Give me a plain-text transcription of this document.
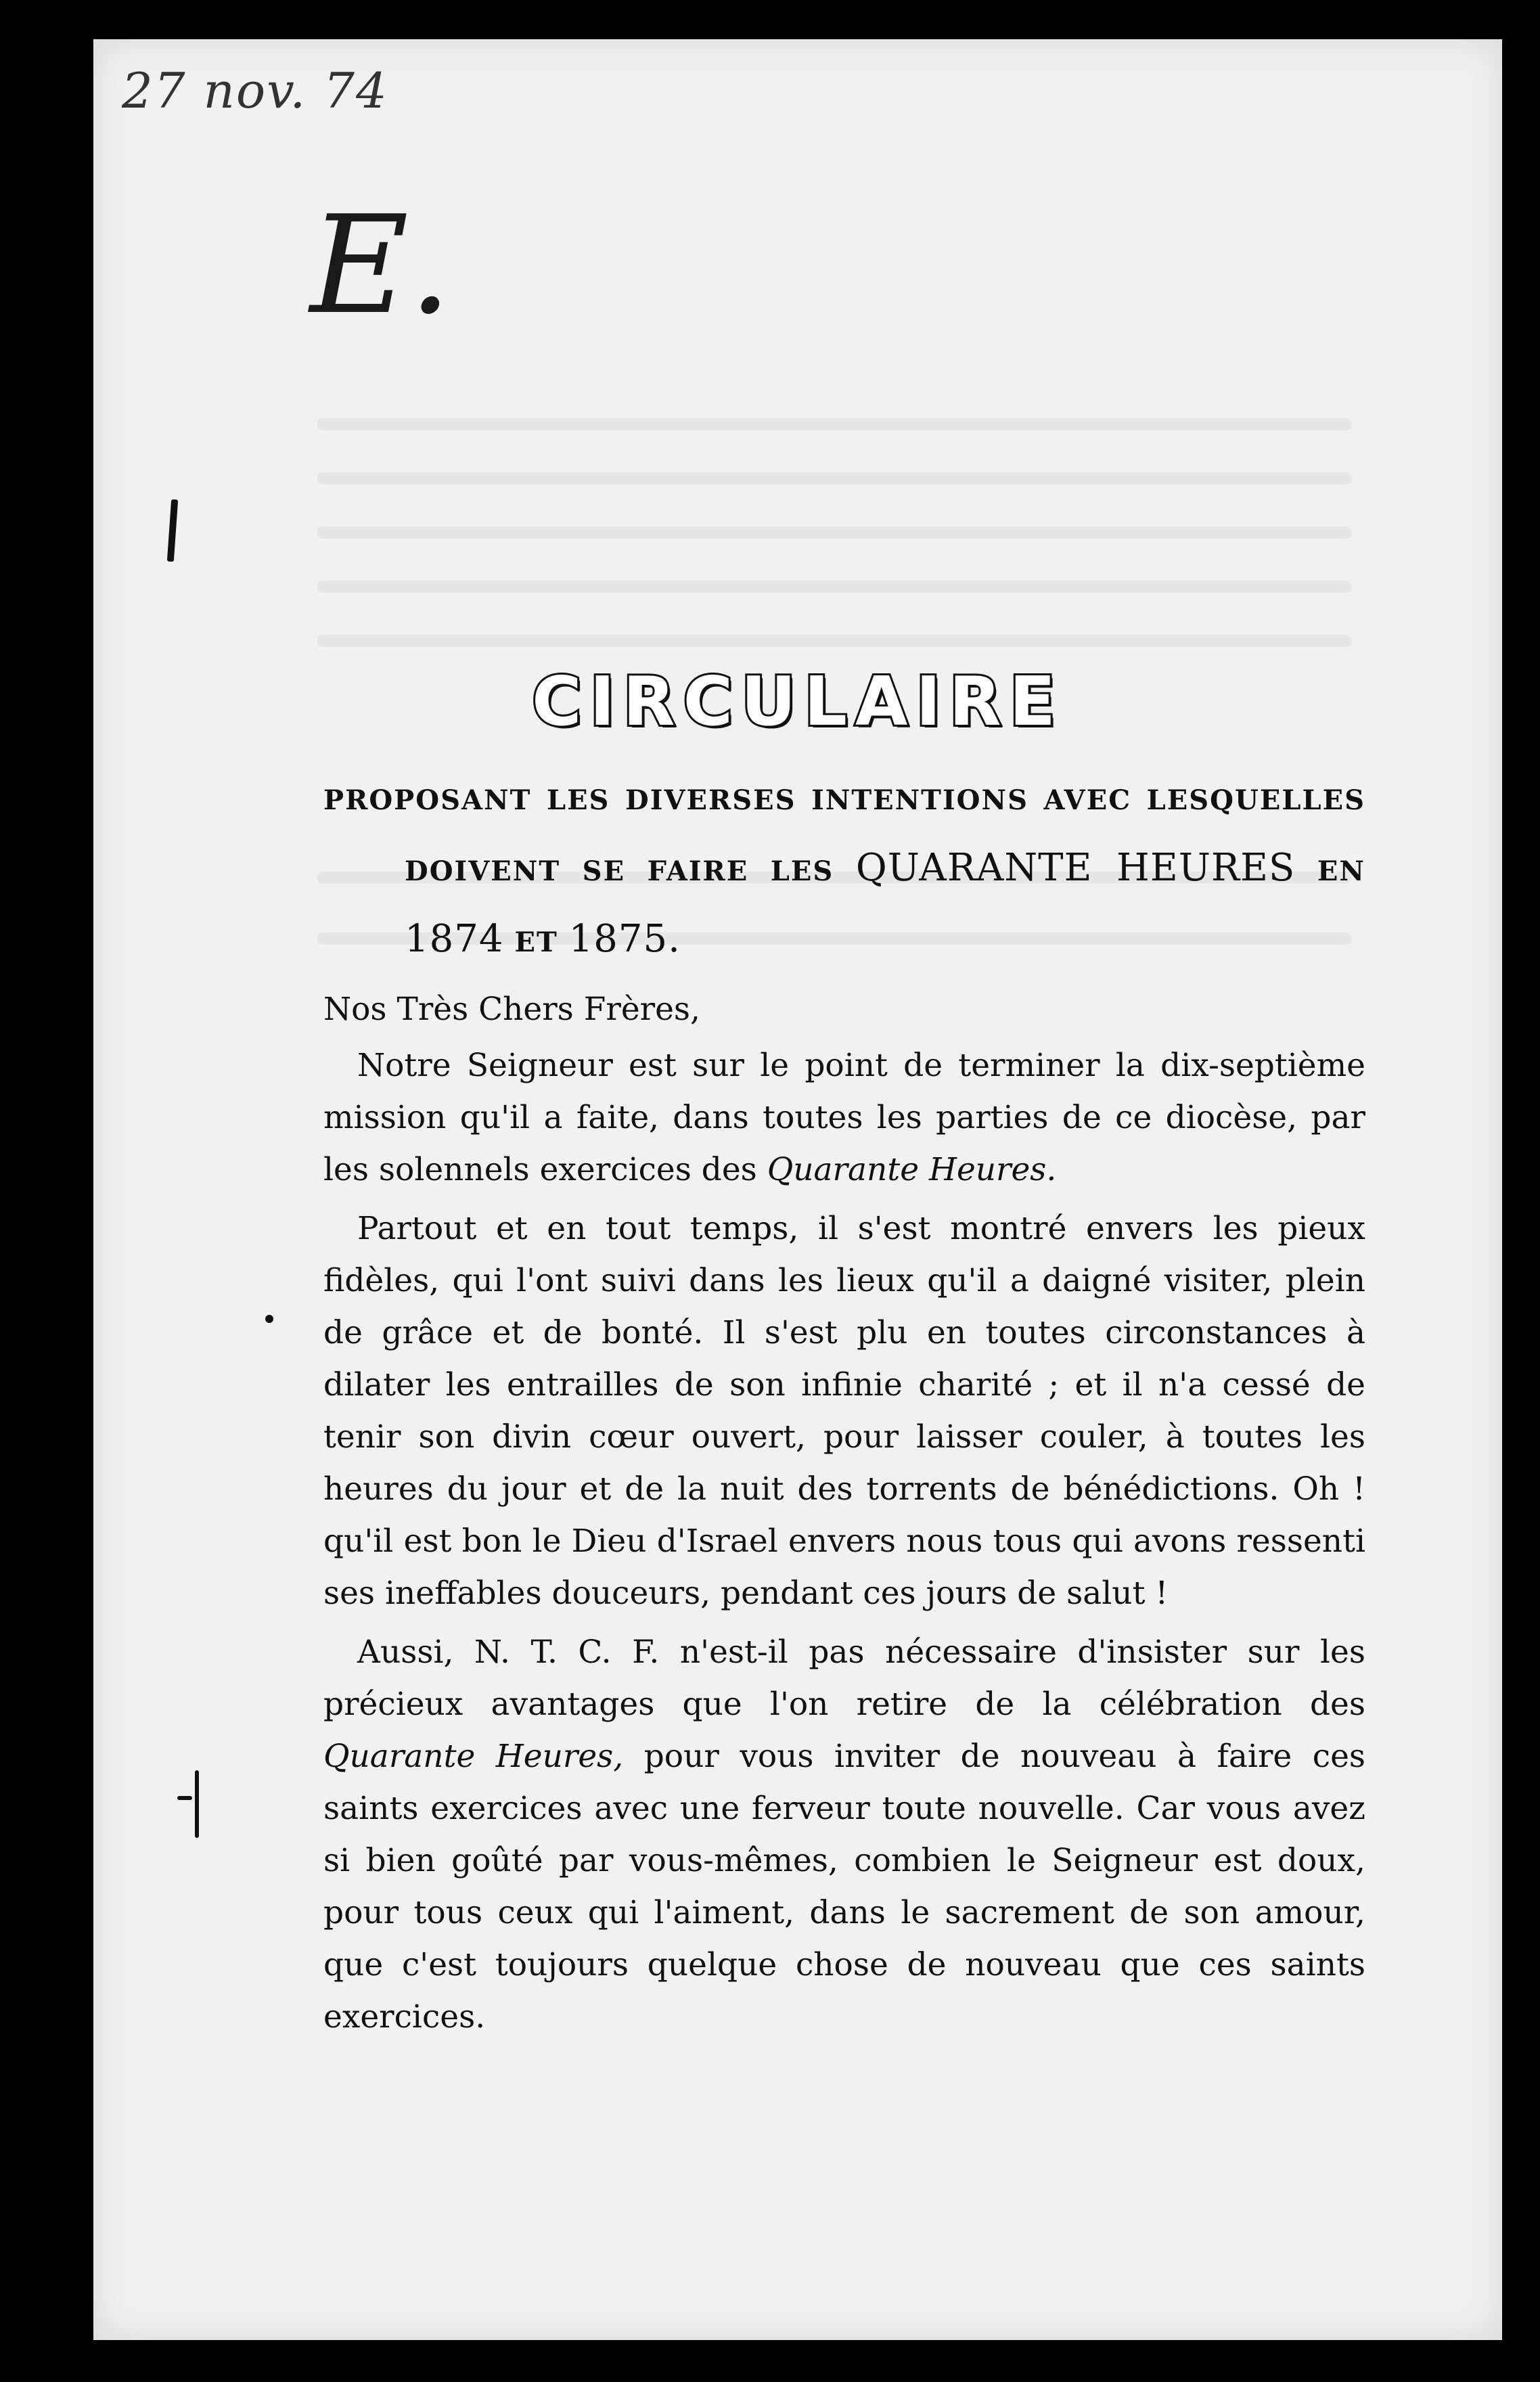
27 nov. 74
E.
CIRCULAIRE
PROPOSANT LES DIVERSES INTENTIONS AVEC LESQUELLES
DOIVENT SE FAIRE LES QUARANTE HEURES EN
1874 ET 1875.

Nos Très Chers Frères,

Notre Seigneur est sur le point de terminer la dix-septième mission qu'il a faite, dans toutes les parties de ce diocèse, par les solennels exercices des Quarante Heures.

Partout et en tout temps, il s'est montré envers les pieux fidèles, qui l'ont suivi dans les lieux qu'il a daigné visiter, plein de grâce et de bonté. Il s'est plu en toutes circonstances à dilater les entrailles de son infinie charité ; et il n'a cessé de tenir son divin cœur ouvert, pour laisser couler, à toutes les heures du jour et de la nuit des torrents de bénédictions. Oh ! qu'il est bon le Dieu d'Israel envers nous tous qui avons ressenti ses ineffables douceurs, pendant ces jours de salut !

Aussi, N. T. C. F. n'est-il pas nécessaire d'insister sur les précieux avantages que l'on retire de la célébration des Quarante Heures, pour vous inviter de nouveau à faire ces saints exercices avec une ferveur toute nouvelle. Car vous avez si bien goûté par vous-mêmes, combien le Seigneur est doux, pour tous ceux qui l'aiment, dans le sacrement de son amour, que c'est toujours quelque chose de nouveau que ces saints exercices.
